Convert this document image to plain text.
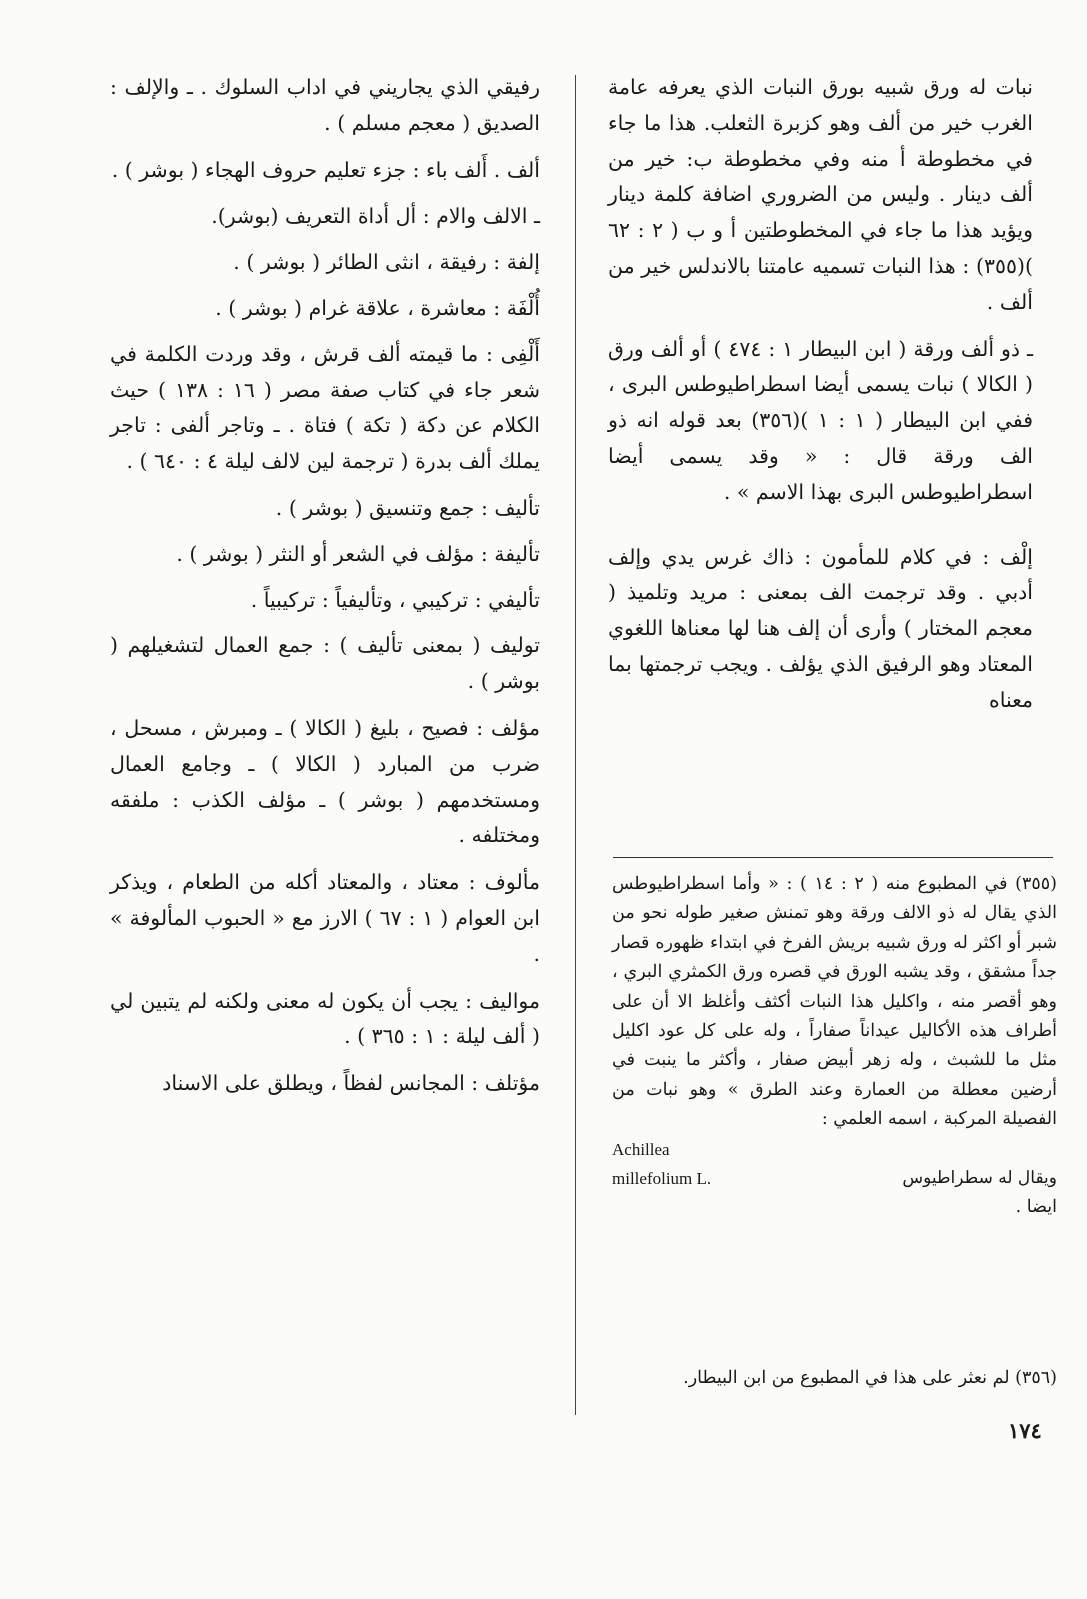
نبات له ورق شبيه بورق النبات الذي يعرفه عامة الغرب خير من ألف وهو كزبرة الثعلب. هذا ما جاء في مخطوطة أ منه وفي مخطوطة ب: خير من ألف دينار . وليس من الضروري اضافة كلمة دينار ويؤيد هذا ما جاء في المخطوطتين أ و ب ( ٢ : ٦٢ )(٣٥٥) : هذا النبات تسميه عامتنا بالاندلس خير من ألف .

ـ ذو ألف ورقة ( ابن البيطار ١ : ٤٧٤ ) أو ألف ورق ( الكالا ) نبات يسمى أيضا اسطراطيوطس البرى ، ففي ابن البيطار ( ١ : ١ )(٣٥٦) بعد قوله انه ذو الف ورقة قال : « وقد يسمى أيضا اسطراطيوطس البرى بهذا الاسم » .

إلْف : في كلام للمأمون : ذاك غرس يدي وإلف أدبي . وقد ترجمت الف بمعنى : مريد وتلميذ ( معجم المختار ) وأرى أن إلف هنا لها معناها اللغوي المعتاد وهو الرفيق الذي يؤلف . ويجب ترجمتها بما معناه

رفيقي الذي يجاريني في اداب السلوك . ـ والإلف : الصديق ( معجم مسلم ) .

ألف . أَلف باء : جزء تعليم حروف الهجاء ( بوشر ) .

ـ الالف والام : أل أداة التعريف (بوشر).

إلفة : رفيقة ، انثى الطائر ( بوشر ) .

أُلْفَة : معاشرة ، علاقة غرام ( بوشر ) .

أَلْفِى : ما قيمته ألف قرش ، وقد وردت الكلمة في شعر جاء في كتاب صفة مصر ( ١٦ : ١٣٨ ) حيث الكلام عن دكة ( تكة ) فتاة . ـ وتاجر ألفى : تاجر يملك ألف بدرة ( ترجمة لين لالف ليلة ٤ : ٦٤٠ ) .

تأليف : جمع وتنسيق ( بوشر ) .

تأليفة : مؤلف في الشعر أو النثر ( بوشر ) .

تأليفي : تركيبي ، وتأليفياً : تركيبياً .

توليف ( بمعنى تأليف ) : جمع العمال لتشغيلهم ( بوشر ) .

مؤلف : فصيح ، بليغ ( الكالا ) ـ ومبرش ، مسحل ، ضرب من المبارد ( الكالا ) ـ وجامع العمال ومستخدمهم ( بوشر ) ـ مؤلف الكذب : ملفقه ومختلفه .

مألوف : معتاد ، والمعتاد أكله من الطعام ، ويذكر ابن العوام ( ١ : ٦٧ ) الارز مع « الحبوب المألوفة » .

مواليف : يجب أن يكون له معنى ولكنه لم يتبين لي ( ألف ليلة : ١ : ٣٦٥ ) .

مؤتلف : المجانس لفظاً ، ويطلق على الاسناد

(٣٥٥) في المطبوع منه ( ٢ : ١٤ ) : « وأما اسطراطيوطس الذي يقال له ذو الالف ورقة وهو تمنش صغير طوله نحو من شبر أو اكثر له ورق شبيه بريش الفرخ في ابتداء ظهوره قصار جداً مشقق ، وقد يشبه الورق في قصره ورق الكمثري البري ، وهو أقصر منه ، واكليل هذا النبات أكثف وأغلظ الا أن على أطراف هذه الأكاليل عيداناً صفاراً ، وله على كل عود اكليل مثل ما للشبث ، وله زهر أبيض صفار ، وأكثر ما ينبت في أرضين معطلة من العمارة وعند الطرق » وهو نبات من الفصيلة المركبة ، اسمه العلمي :
Achillea
millefolium L.	ويقال له سطراطيوس
ايضا .
(٣٥٦) لم نعثر على هذا في المطبوع من ابن البيطار.
١٧٤
